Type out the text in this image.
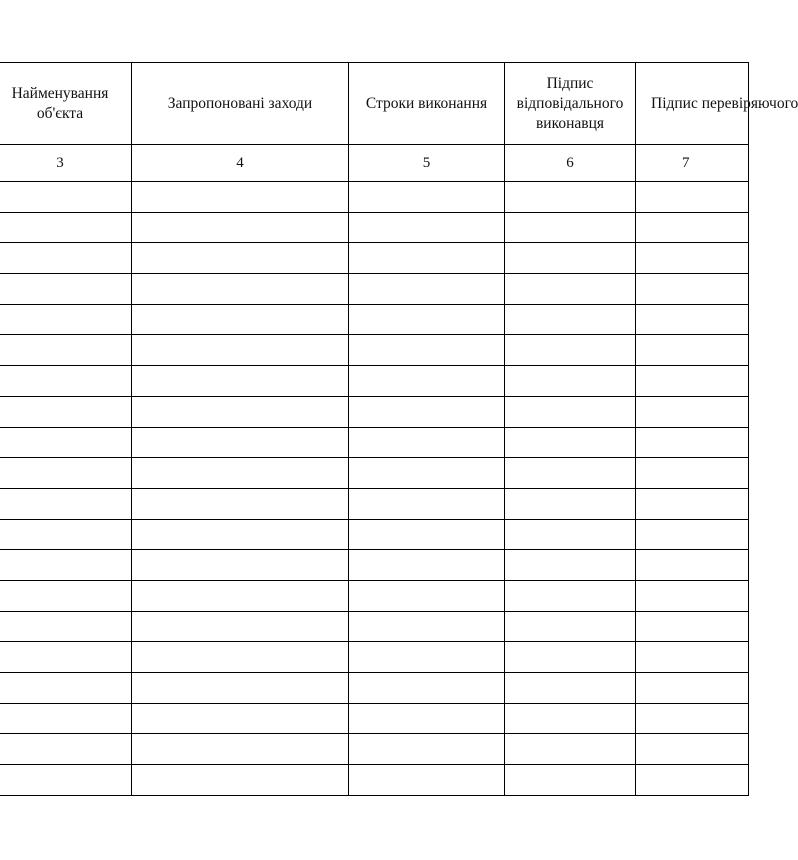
Найменування об'єкта	Запропоновані заходи	Строки виконання	Підпис відповідального виконавця	Підпис перевіряючого

3	4	5	6	7
